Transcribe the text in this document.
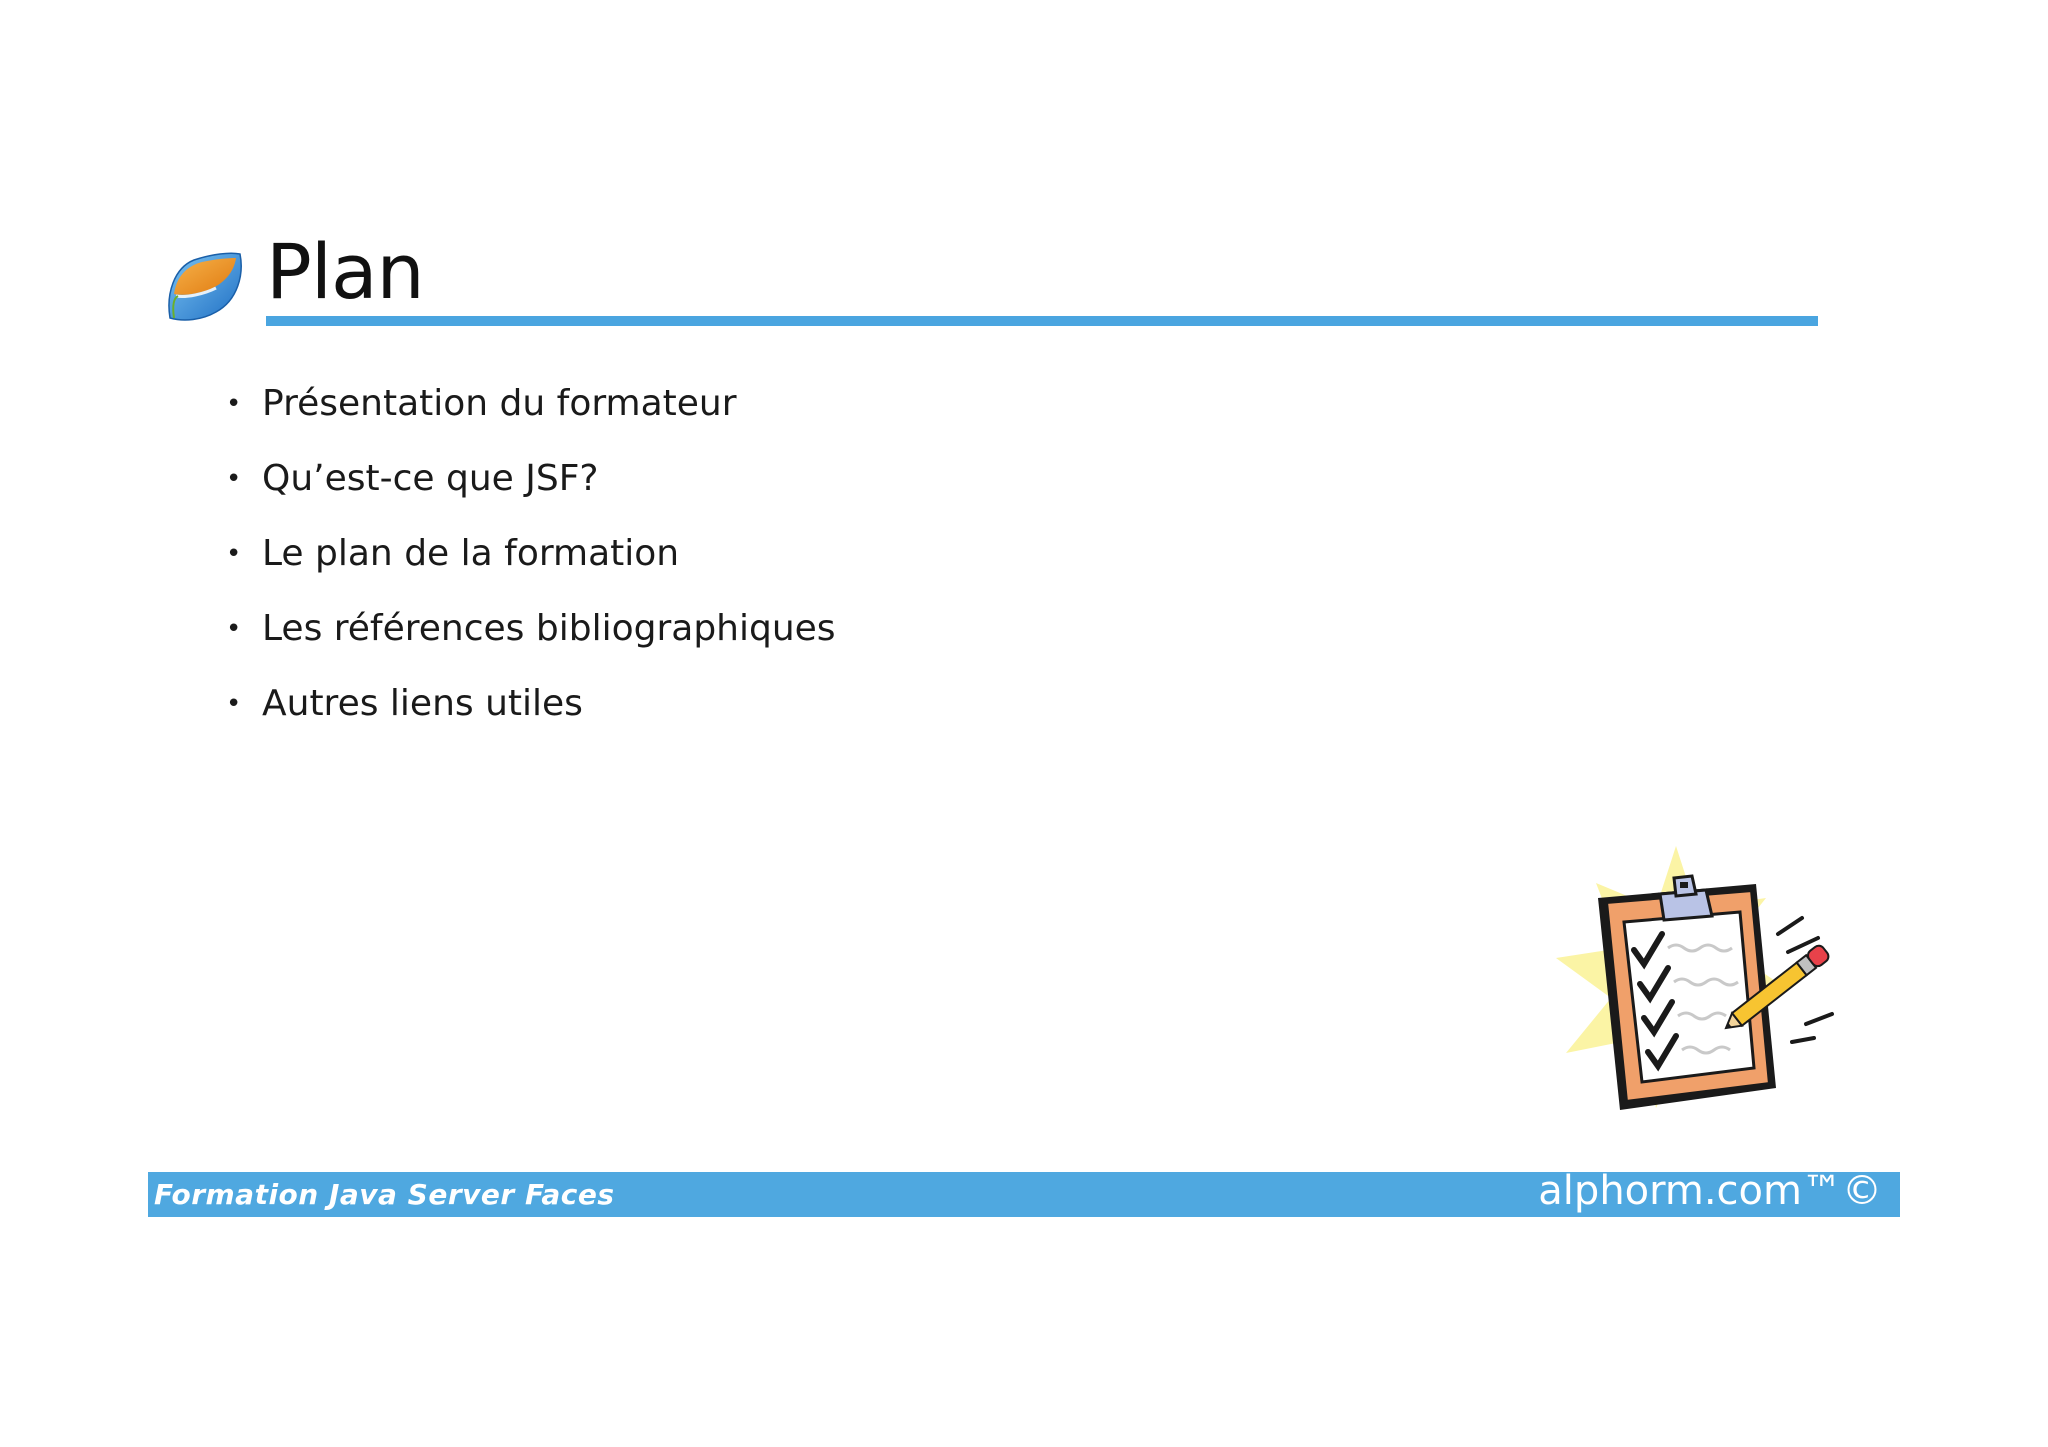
Plan
• Présentation du formateur
• Qu’est-ce que JSF?
• Le plan de la formation
• Les références bibliographiques
• Autres liens utiles
Formation Java Server Faces	alphorm.com™©
